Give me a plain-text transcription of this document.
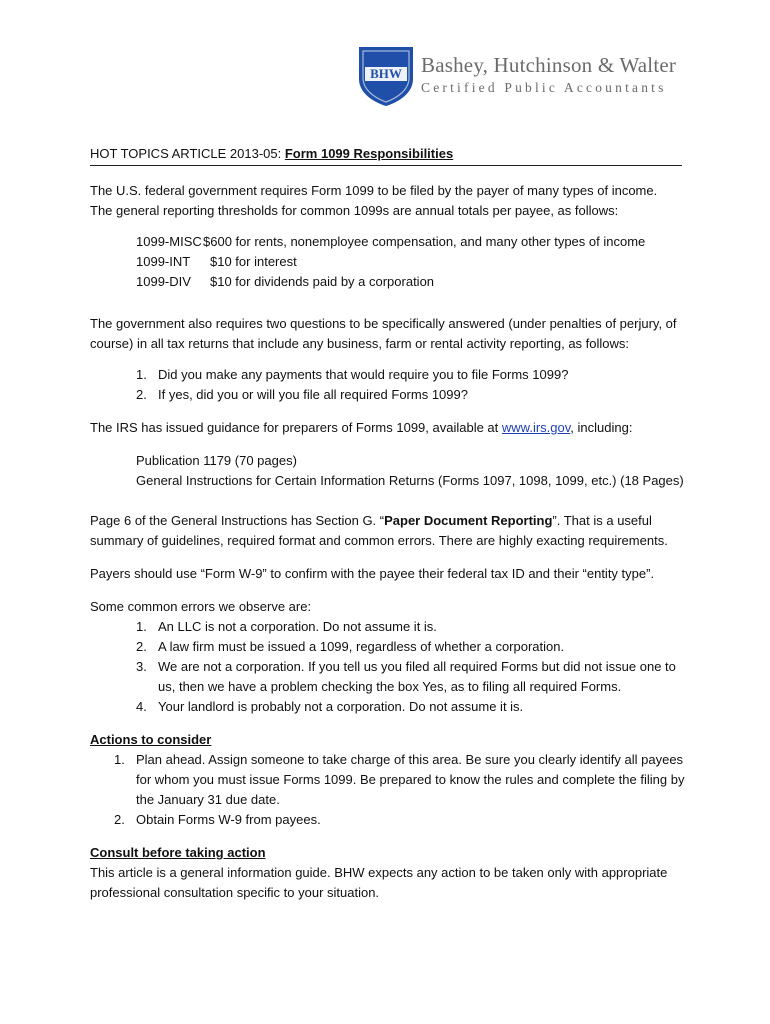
BHW Bashey, Hutchinson & Walter
Certified Public Accountants
HOT TOPICS ARTICLE 2013-05: Form 1099 Responsibilities
The U.S. federal government requires Form 1099 to be filed by the payer of many types of income. The general reporting thresholds for common 1099s are annual totals per payee, as follows:
1099-MISC $600 for rents, nonemployee compensation, and many other types of income
1099-INT $10 for interest
1099-DIV $10 for dividends paid by a corporation
The government also requires two questions to be specifically answered (under penalties of perjury, of course) in all tax returns that include any business, farm or rental activity reporting, as follows:
1. Did you make any payments that would require you to file Forms 1099?
2. If yes, did you or will you file all required Forms 1099?
The IRS has issued guidance for preparers of Forms 1099, available at www.irs.gov, including:
Publication 1179 (70 pages)
General Instructions for Certain Information Returns (Forms 1097, 1098, 1099, etc.) (18 Pages)
Page 6 of the General Instructions has Section G. “Paper Document Reporting”. That is a useful
summary of guidelines, required format and common errors. There are highly exacting requirements.
Payers should use “Form W-9” to confirm with the payee their federal tax ID and their “entity type”.
Some common errors we observe are:
1. An LLC is not a corporation. Do not assume it is.
2. A law firm must be issued a 1099, regardless of whether a corporation.
3. We are not a corporation. If you tell us you filed all required Forms but did not issue one to
us, then we have a problem checking the box Yes, as to filing all required Forms.
4. Your landlord is probably not a corporation. Do not assume it is.
Actions to consider
1. Plan ahead. Assign someone to take charge of this area. Be sure you clearly identify all payees
for whom you must issue Forms 1099. Be prepared to know the rules and complete the filing by
the January 31 due date.
2. Obtain Forms W-9 from payees.
Consult before taking action
This article is a general information guide. BHW expects any action to be taken only with appropriate
professional consultation specific to your situation.
